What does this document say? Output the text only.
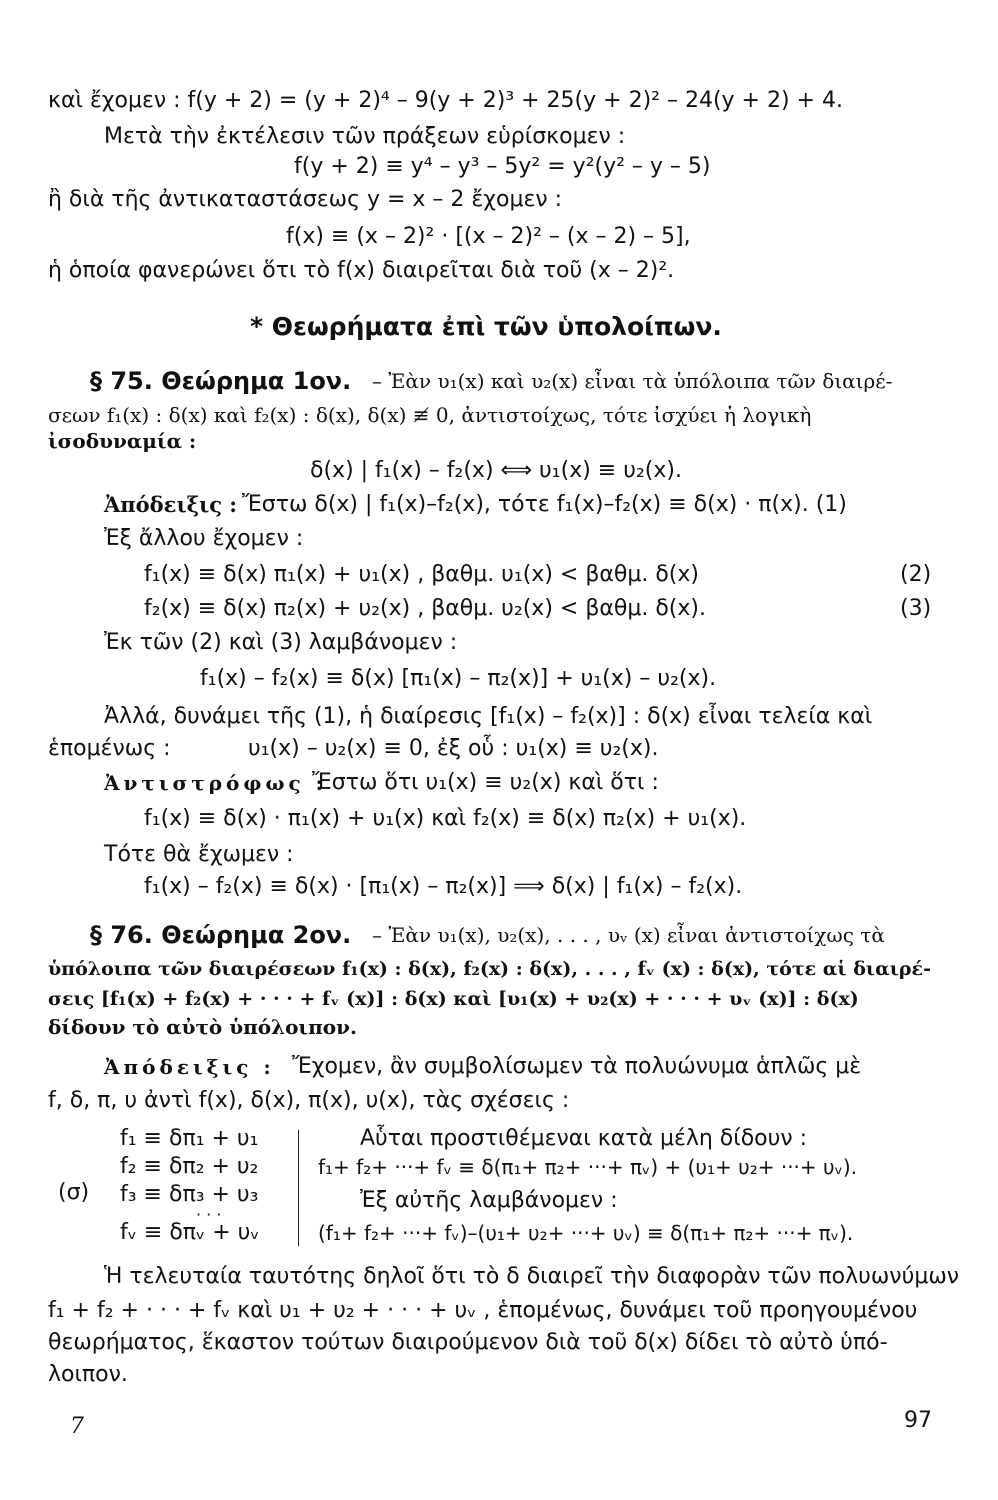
καὶ ἔχομεν : f(y + 2) = (y + 2)⁴ – 9(y + 2)³ + 25(y + 2)² – 24(y + 2) + 4.
Μετὰ τὴν ἐκτέλεσιν τῶν πράξεων εὑρίσκομεν :
f(y + 2) ≡ y⁴ – y³ – 5y² = y²(y² – y – 5)
ἢ διὰ τῆς ἀντικαταστάσεως y = x – 2 ἔχομεν :
f(x) ≡ (x – 2)² · [(x – 2)² – (x – 2) – 5],
ἡ ὁποία φανερώνει ὅτι τὸ f(x) διαιρεῖται διὰ τοῦ (x – 2)².
* Θεωρήματα ἐπὶ τῶν ὑπολοίπων.
§ 75. Θεώρημα 1ον. – Ἐὰν υ₁(x) καὶ υ₂(x) εἶναι τὰ ὑπόλοιπα τῶν διαιρέ-
σεων f₁(x) : δ(x) καὶ f₂(x) : δ(x), δ(x) ≢ 0, ἀντιστοίχως, τότε ἰσχύει ἡ λογικὴ
ἰσοδυναμία :
δ(x) | f₁(x) – f₂(x) ⟺ υ₁(x) ≡ υ₂(x).
Ἀπόδειξις : Ἔστω δ(x) | f₁(x)–f₂(x), τότε f₁(x)–f₂(x) ≡ δ(x) · π(x). (1)
Ἐξ ἄλλου ἔχομεν :
f₁(x) ≡ δ(x) π₁(x) + υ₁(x) , βαθμ. υ₁(x) < βαθμ. δ(x)	(2)
f₂(x) ≡ δ(x) π₂(x) + υ₂(x) , βαθμ. υ₂(x) < βαθμ. δ(x).	(3)
Ἐκ τῶν (2) καὶ (3) λαμβάνομεν :
f₁(x) – f₂(x) ≡ δ(x) [π₁(x) – π₂(x)] + υ₁(x) – υ₂(x).
Ἀλλά, δυνάμει τῆς (1), ἡ διαίρεσις [f₁(x) – f₂(x)] : δ(x) εἶναι τελεία καὶ
ἑπομένως :	υ₁(x) – υ₂(x) ≡ 0, ἐξ οὗ : υ₁(x) ≡ υ₂(x).
Ἀντιστρόφως :
Ἔστω ὅτι υ₁(x) ≡ υ₂(x) καὶ ὅτι :
f₁(x) ≡ δ(x) · π₁(x) + υ₁(x) καὶ f₂(x) ≡ δ(x) π₂(x) + υ₁(x).
Τότε θὰ ἔχωμεν :
f₁(x) – f₂(x) ≡ δ(x) · [π₁(x) – π₂(x)] ⟹ δ(x) | f₁(x) – f₂(x).
§ 76. Θεώρημα 2ον. – Ἐὰν υ₁(x), υ₂(x), . . . , υᵥ (x) εἶναι ἀντιστοίχως τὰ
ὑπόλοιπα τῶν διαιρέσεων f₁(x) : δ(x), f₂(x) : δ(x), . . . , fᵥ (x) : δ(x), τότε αἱ διαιρέ-
σεις [f₁(x) + f₂(x) + · · · + fᵥ (x)] : δ(x) καὶ [υ₁(x) + υ₂(x) + · · · + υᵥ (x)] : δ(x)
δίδουν τὸ αὐτὸ ὑπόλοιπον.
Ἀπόδειξις : Ἔχομεν, ἂν συμβολίσωμεν τὰ πολυώνυμα ἁπλῶς μὲ
f, δ, π, υ ἀντὶ f(x), δ(x), π(x), υ(x), τὰς σχέσεις :
(σ)
f₁ ≡ δπ₁ + υ₁
f₂ ≡ δπ₂ + υ₂
f₃ ≡ δπ₃ + υ₃
· · ·
fᵥ ≡ δπᵥ + υᵥ
Αὗται προστιθέμεναι κατὰ μέλη δίδουν :
f₁+ f₂+ ···+ fᵥ ≡ δ(π₁+ π₂+ ···+ πᵥ) + (υ₁+ υ₂+ ···+ υᵥ).
Ἐξ αὐτῆς λαμβάνομεν :
(f₁+ f₂+ ···+ fᵥ)–(υ₁+ υ₂+ ···+ υᵥ) ≡ δ(π₁+ π₂+ ···+ πᵥ).
Ἡ τελευταία ταυτότης δηλοῖ ὅτι τὸ δ διαιρεῖ τὴν διαφορὰν τῶν πολυωνύμων
f₁ + f₂ + · · · + fᵥ καὶ υ₁ + υ₂ + · · · + υᵥ , ἑπομένως, δυνάμει τοῦ προηγουμένου
θεωρήματος, ἕκαστον τούτων διαιρούμενον διὰ τοῦ δ(x) δίδει τὸ αὐτὸ ὑπό-
λοιπον.
7	97
